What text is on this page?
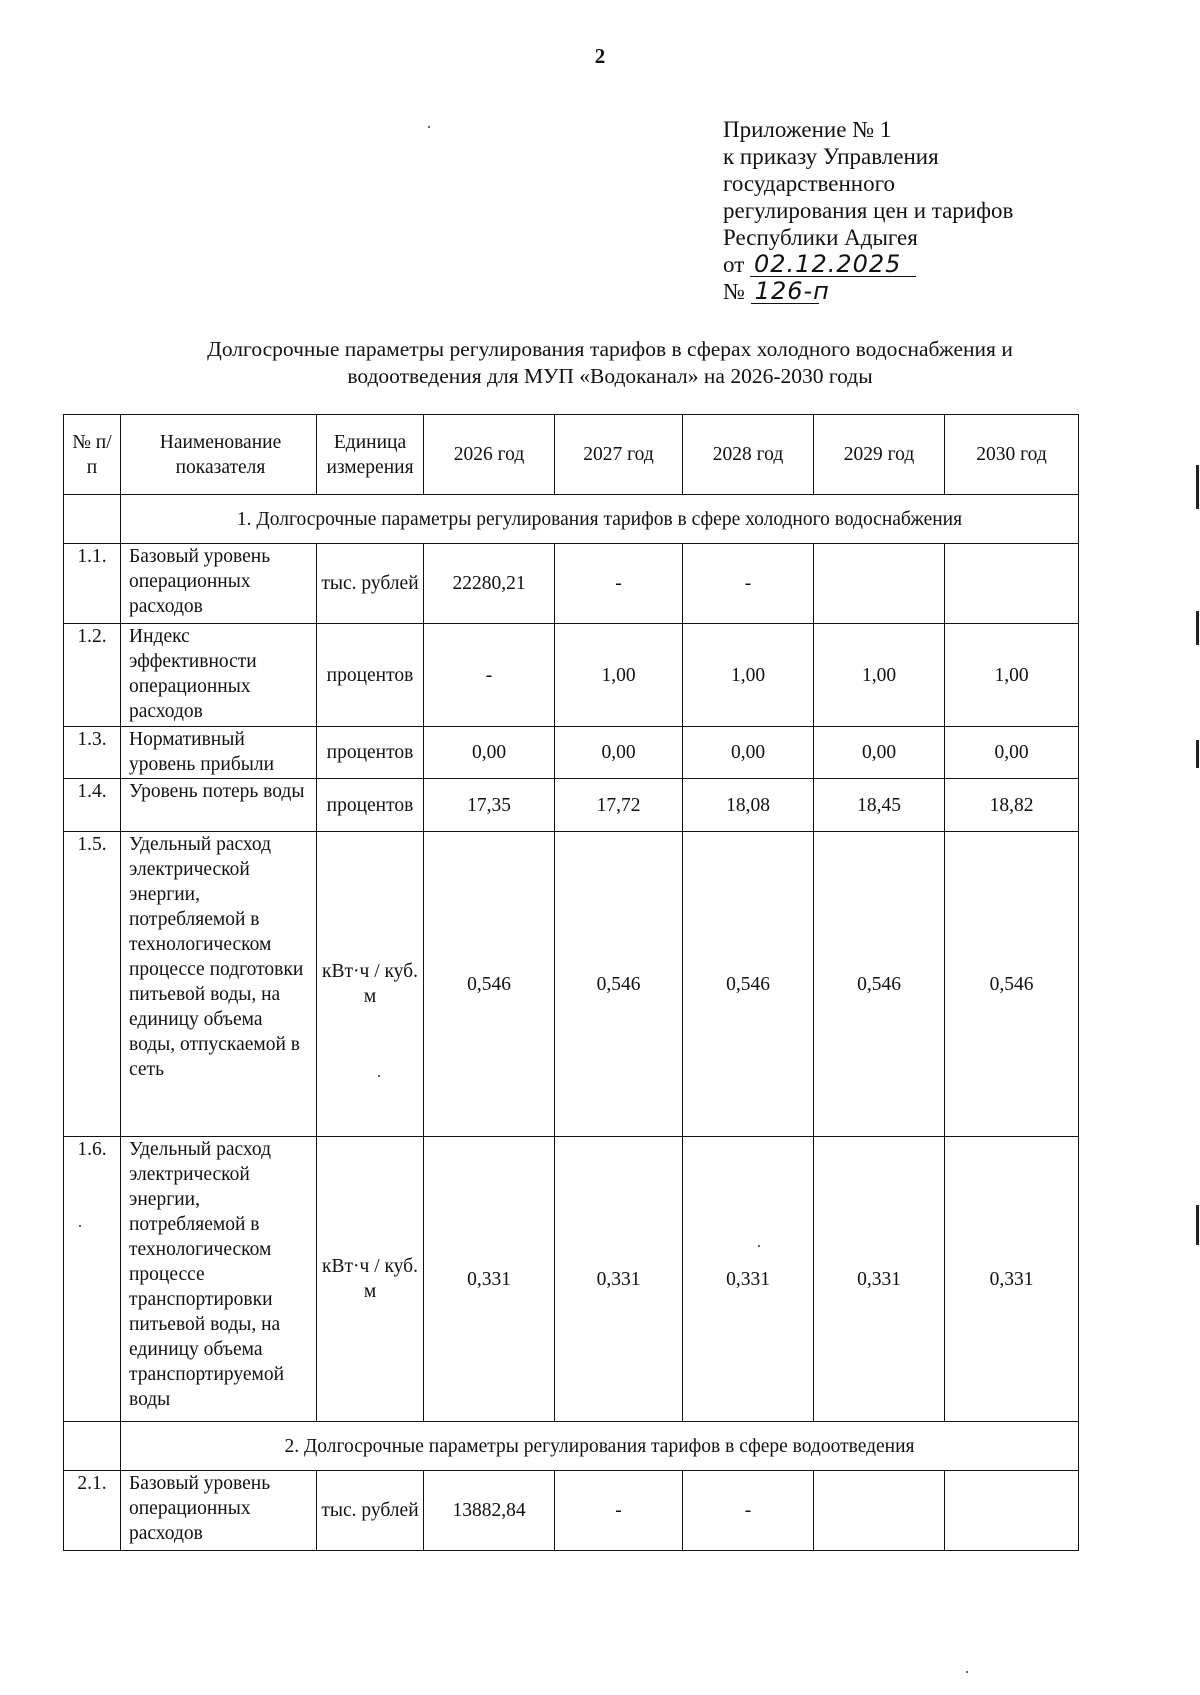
2
Приложение № 1
к приказу Управления
государственного
регулирования цен и тарифов
Республики Адыгея
от 02.12.2025
№ 126-п
Долгосрочные параметры регулирования тарифов в сферах холодного водоснабжения и
водоотведения для МУП «Водоканал» на 2026-2030 годы
№ п/п	Наименование показателя	Единица измерения	2026 год	2027 год	2028 год	2029 год	2030 год
	1. Долгосрочные параметры регулирования тарифов в сфере холодного водоснабжения						
1.1.	Базовый уровень операционных расходов	тыс. рублей	22280,21	-	-		
1.2.	Индекс эффективности операционных расходов	процентов	-	1,00	1,00	1,00	1,00
1.3.	Нормативный уровень прибыли	процентов	0,00	0,00	0,00	0,00	0,00
1.4.	Уровень потерь воды	процентов	17,35	17,72	18,08	18,45	18,82
1.5.	Удельный расход электрической энергии, потребляемой в технологическом процессе подготовки питьевой воды, на единицу объема воды, отпускаемой в сеть	кВт·ч / куб. м	0,546	0,546	0,546	0,546	0,546
1.6.	Удельный расход электрической энергии, потребляемой в технологическом процессе транспортировки питьевой воды, на единицу объема транспортируемой воды	кВт·ч / куб. м	0,331	0,331	0,331	0,331	0,331
	2. Долгосрочные параметры регулирования тарифов в сфере водоотведения						
2.1.	Базовый уровень операционных расходов	тыс. рублей	13882,84	-	-		
